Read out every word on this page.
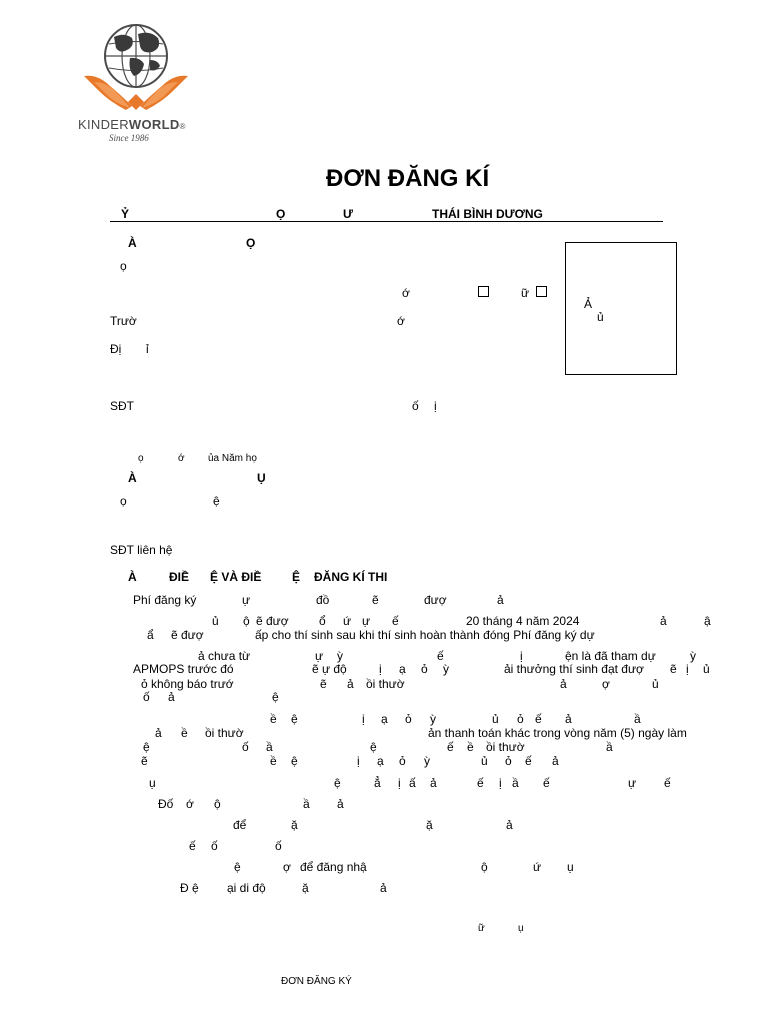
KINDERWORLD®
Since 1986
ĐƠN ĐĂNG KÍ
Ỷ	Ọ	Ư	THÁI BÌNH DƯƠNG
À	Ọ
ọ
ớ	ữ
Trườ	ớ
Đị ỉ
SĐT	ố ị
Ả
ủ
ọ	ớ ủa Năm họ
À	Ụ
ọ	ệ
SĐT liên hệ
À	ĐIỀ Ệ VÀ ĐIỀ	Ệ ĐĂNG KÍ THI
Phí đăng ký	ự	đồ	ẽ	đượ	ả
ủ ộ ẽ đượ	ổ ứ ự ế	20 tháng 4 năm 2024	ả	ậ
ẩ ẽ đượ	ấp cho thí sinh sau khi thí sinh hoàn thành đóng Phí đăng ký dự
ả chưa từ	ự ỳ	ế	ị	ện là đã tham dự	ỳ
APMOPS trước đó	ẽ ự độ	ị ạ ỏ ỳ	ải thưởng thí sinh đạt đượ ẽ ị ủ
ỏ không báo trướ	ẽ ả ồi thườ	ả	ợ	ủ
ố ả	ệ
ề ệ	ị ạ ỏ ỳ	ủ ỏ ế ả	ầ
ả ề ồi thườ	ản thanh toán khác trong vòng năm (5) ngày làm
ệ	ố ầ	ệ	ế ề ồi thườ	ầ
ẽ	ề ệ	ị ạ ỏ ỳ	ủ ỏ ế ả
ụ	ệ	ẳ ị ấ ả	ế ị ầ ế	ự ế
Đố ớ ộ	ầ ả
để	ặ	ặ	ả
ế ố	ố
ệ	ợ để đăng nhậ	ộ	ứ ụ
Đ ệ ại di độ	ặ	ả
ữ	ụ
ĐƠN ĐĂNG KÝ
